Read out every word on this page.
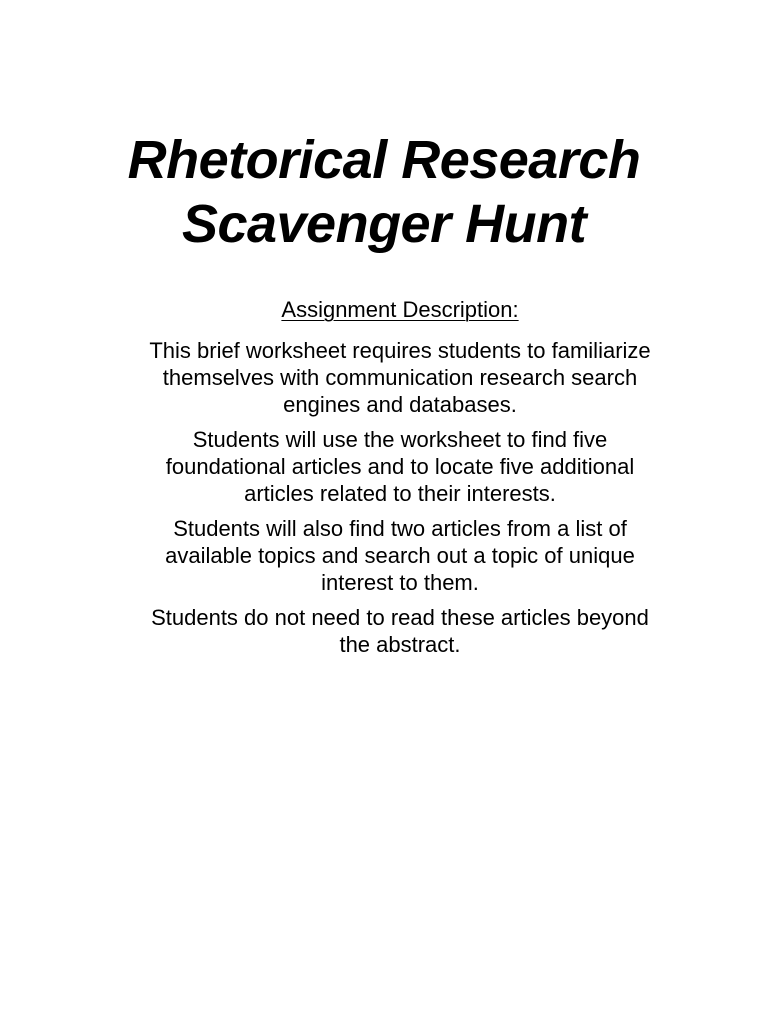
Rhetorical Research
Scavenger Hunt
Assignment Description:

This brief worksheet requires students to familiarize
themselves with communication research search
engines and databases.

Students will use the worksheet to find five
foundational articles and to locate five additional
articles related to their interests.

Students will also find two articles from a list of
available topics and search out a topic of unique
interest to them.

Students do not need to read these articles beyond
the abstract.
